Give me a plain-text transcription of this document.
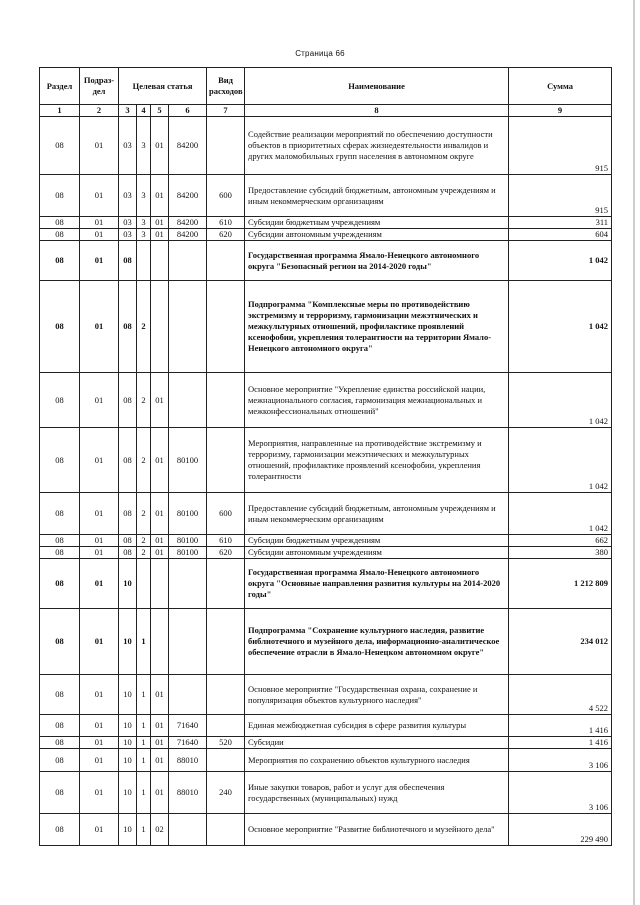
Страница 66
Раздел	Подраз-дел	Целевая статья				Вид расходов	Наименование	Сумма
1	2	3	4	5	6	7	8	9
08	01	03	3	01	84200		Содействие реализации мероприятий по обеспечению доступности объектов в приоритетных сферах жизнедеятельности инвалидов и других маломобильных групп населения в автономном округе	915
08	01	03	3	01	84200	600	Предоставление субсидий бюджетным, автономным учреждениям и иным некоммерческим организациям	915
08	01	03	3	01	84200	610	Субсидии бюджетным учреждениям	311
08	01	03	3	01	84200	620	Субсидии автономным учреждениям	604
08	01	08					Государственная программа Ямало-Ненецкого автономного округа "Безопасный регион на 2014-2020 годы"	1 042
08	01	08	2				Подпрограмма "Комплексные меры по противодействию экстремизму и терроризму, гармонизации межэтнических и межкультурных отношений, профилактике проявлений ксенофобии, укрепления толерантности на территории Ямало-Ненецкого автономного округа"	1 042
08	01	08	2	01			Основное мероприятие "Укрепление единства российской нации, межнационального согласия, гармонизация межнациональных и межконфессиональных отношений"	1 042
08	01	08	2	01	80100		Мероприятия, направленные на противодействие экстремизму и терроризму, гармонизации межэтнических и межкультурных отношений, профилактике проявлений ксенофобии, укрепления толерантности	1 042
08	01	08	2	01	80100	600	Предоставление субсидий бюджетным, автономным учреждениям и иным некоммерческим организациям	1 042
08	01	08	2	01	80100	610	Субсидии бюджетным учреждениям	662
08	01	08	2	01	80100	620	Субсидии автономным учреждениям	380
08	01	10					Государственная программа Ямало-Ненецкого автономного округа "Основные направления развития культуры на 2014-2020 годы"	1 212 809
08	01	10	1				Подпрограмма "Сохранение культурного наследия, развитие библиотечного и музейного дела, информационно-аналитическое обеспечение отрасли в Ямало-Ненецком автономном округе"	234 012
08	01	10	1	01			Основное мероприятие "Государственная охрана, сохранение и популяризация объектов культурного наследия"	4 522
08	01	10	1	01	71640		Единая межбюджетная субсидия в сфере развития культуры	1 416
08	01	10	1	01	71640	520	Субсидии	1 416
08	01	10	1	01	88010		Мероприятия по сохранению объектов культурного наследия	3 106
08	01	10	1	01	88010	240	Иные закупки товаров, работ и услуг для обеспечения государственных (муниципальных) нужд	3 106
08	01	10	1	02			Основное мероприятие "Развитие библиотечного и музейного дела"	229 490
